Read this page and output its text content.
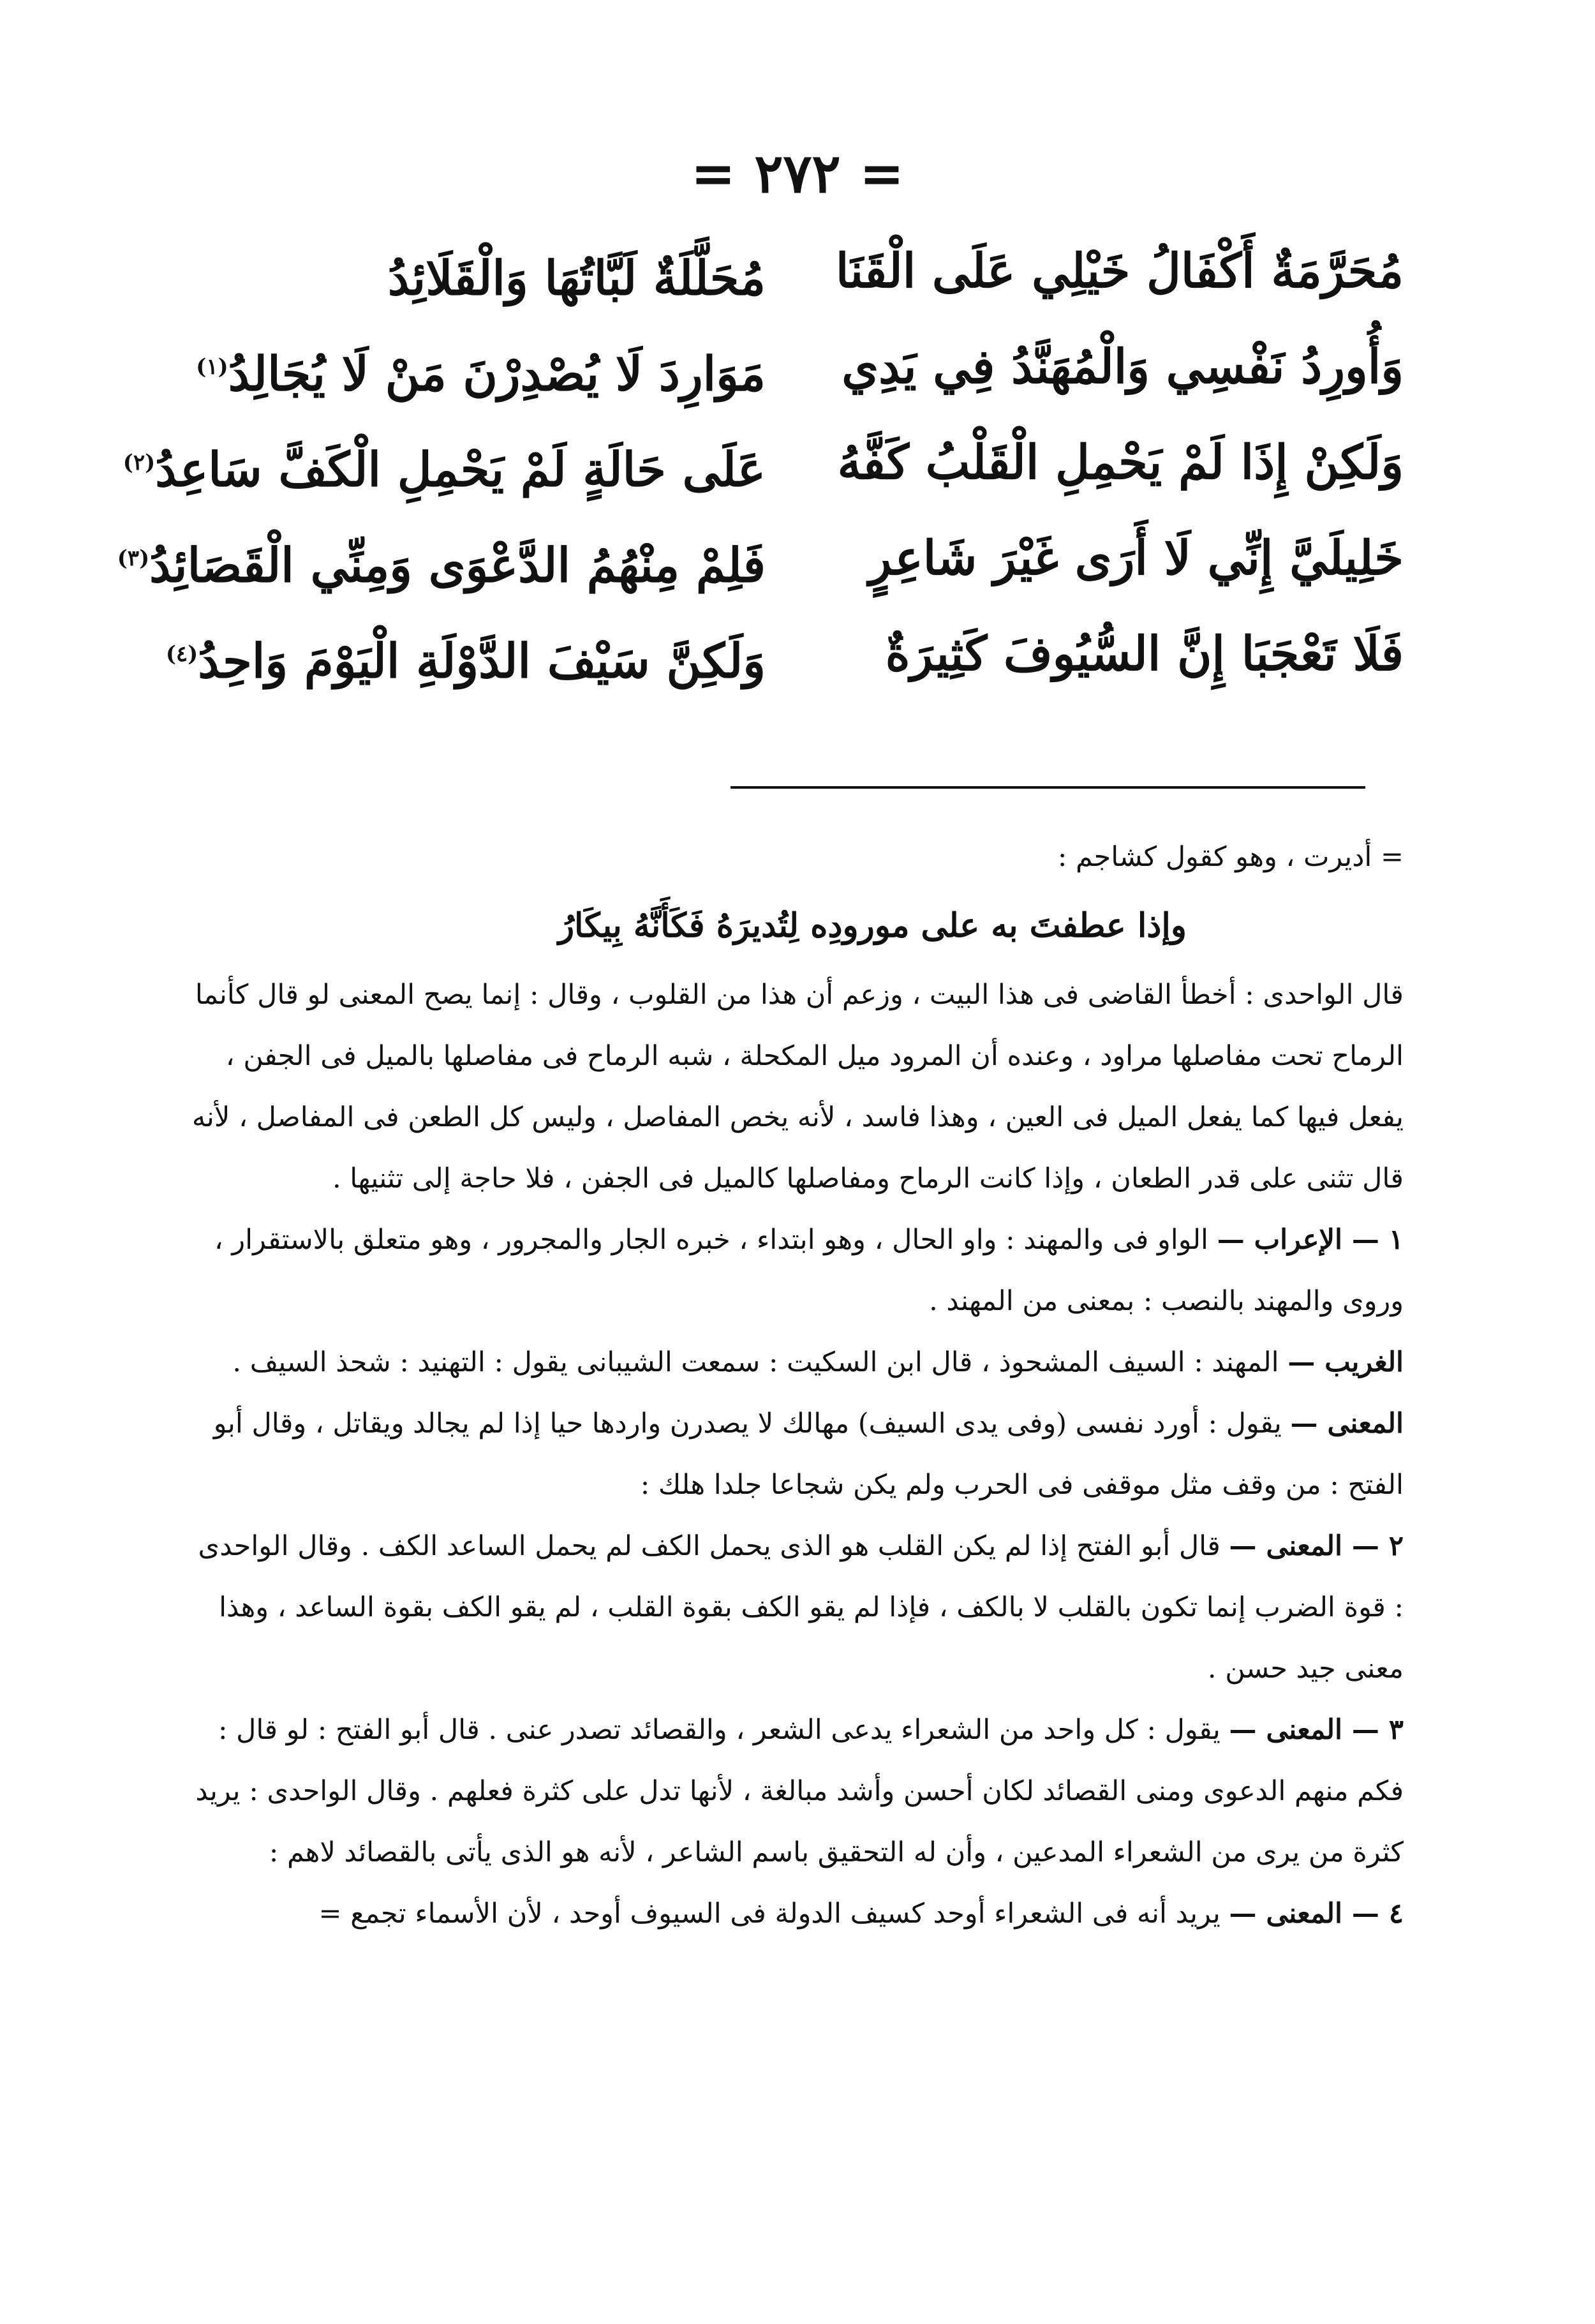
= ٢٧٢ =
مُحَرَّمَةٌ أَكْفَالُ خَيْلِي عَلَى الْقَنَا
مُحَلَّلَةٌ لَبَّاتُهَا وَالْقَلَائِدُ
وَأُورِدُ نَفْسِي وَالْمُهَنَّدُ فِي يَدِي
مَوَارِدَ لَا يُصْدِرْنَ مَنْ لَا يُجَالِدُ$^{(١)}$
وَلَكِنْ إِذَا لَمْ يَحْمِلِ الْقَلْبُ كَفَّهُ
عَلَى حَالَةٍ لَمْ يَحْمِلِ الْكَفَّ سَاعِدُ$^{(٢)}$
خَلِيلَيَّ إِنِّي لَا أَرَى غَيْرَ شَاعِرٍ
فَلِمْ مِنْهُمُ الدَّعْوَى وَمِنِّي الْقَصَائِدُ$^{(٣)}$
فَلَا تَعْجَبَا إِنَّ السُّيُوفَ كَثِيرَةٌ
وَلَكِنَّ سَيْفَ الدَّوْلَةِ الْيَوْمَ وَاحِدُ$^{(٤)}$

= أديرت ، وهو كقول كشاجم :

وإذا عطفتَ به على مورودِه لِتُديرَهُ فَكَأَنَّهُ بِيكَارُ

قال الواحدى : أخطأ القاضى فى هذا البيت ، وزعم أن هذا من القلوب ، وقال : إنما يصح المعنى لو قال كأنما الرماح تحت مفاصلها مراود ، وعنده أن المرود ميل المكحلة ، شبه الرماح فى مفاصلها بالميل فى الجفن ، يفعل فيها كما يفعل الميل فى العين ، وهذا فاسد ، لأنه يخص المفاصل ، وليس كل الطعن فى المفاصل ، لأنه قال تثنى على قدر الطعان ، وإذا كانت الرماح ومفاصلها كالميل فى الجفن ، فلا حاجة إلى تثنيها .

١ — الإعراب — الواو فى والمهند : واو الحال ، وهو ابتداء ، خبره الجار والمجرور ، وهو متعلق بالاستقرار ، وروى والمهند بالنصب : بمعنى من المهند .

الغريب — المهند : السيف المشحوذ ، قال ابن السكيت : سمعت الشيبانى يقول : التهنيد : شحذ السيف .

المعنى — يقول : أورد نفسى (وفى يدى السيف) مهالك لا يصدرن واردها حيا إذا لم يجالد ويقاتل ، وقال أبو الفتح : من وقف مثل موقفى فى الحرب ولم يكن شجاعا جلدا هلك :

٢ — المعنى — قال أبو الفتح إذا لم يكن القلب هو الذى يحمل الكف لم يحمل الساعد الكف . وقال الواحدى : قوة الضرب إنما تكون بالقلب لا بالكف ، فإذا لم يقو الكف بقوة القلب ، لم يقو الكف بقوة الساعد ، وهذا معنى جيد حسن .

٣ — المعنى — يقول : كل واحد من الشعراء يدعى الشعر ، والقصائد تصدر عنى . قال أبو الفتح : لو قال : فكم منهم الدعوى ومنى القصائد لكان أحسن وأشد مبالغة ، لأنها تدل على كثرة فعلهم . وقال الواحدى : يريد كثرة من يرى من الشعراء المدعين ، وأن له التحقيق باسم الشاعر ، لأنه هو الذى يأتى بالقصائد لاهم :

٤ — المعنى — يريد أنه فى الشعراء أوحد كسيف الدولة فى السيوف أوحد ، لأن الأسماء تجمع =
